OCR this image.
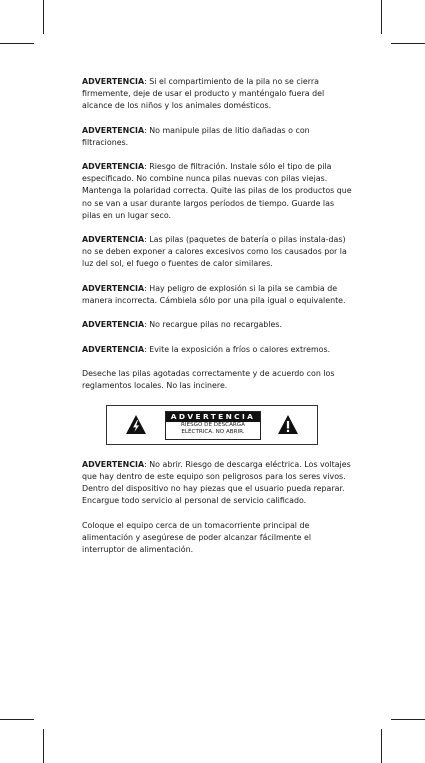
ADVERTENCIA: Si el compartimiento de la pila no se cierra firmemente, deje de usar el producto y manténgalo fuera del alcance de los niños y los animales domésticos.

ADVERTENCIA: No manipule pilas de litio dañadas o con filtraciones.

ADVERTENCIA: Riesgo de filtración. Instale sólo el tipo de pila especificado. No combine nunca pilas nuevas con pilas viejas. Mantenga la polaridad correcta. Quite las pilas de los productos que no se van a usar durante largos períodos de tiempo. Guarde las pilas en un lugar seco.

ADVERTENCIA: Las pilas (paquetes de batería o pilas instala-das) no se deben exponer a calores excesivos como los causados por la luz del sol, el fuego o fuentes de calor similares.

ADVERTENCIA: Hay peligro de explosión si la pila se cambia de manera incorrecta. Cámbiela sólo por una pila igual o equivalente.

ADVERTENCIA: No recargue pilas no recargables.

ADVERTENCIA: Evite la exposición a fríos o calores extremos.

Deseche las pilas agotadas correctamente y de acuerdo con los reglamentos locales. No las incinere.

ADVERTENCIA
RIESGO DE DESCARGA
ELÉCTRICA. NO ABRIR.

ADVERTENCIA: No abrir. Riesgo de descarga eléctrica. Los voltajes que hay dentro de este equipo son peligrosos para los seres vivos. Dentro del dispositivo no hay piezas que el usuario pueda reparar. Encargue todo servicio al personal de servicio calificado.

Coloque el equipo cerca de un tomacorriente principal de alimentación y asegúrese de poder alcanzar fácilmente el interruptor de alimentación.
